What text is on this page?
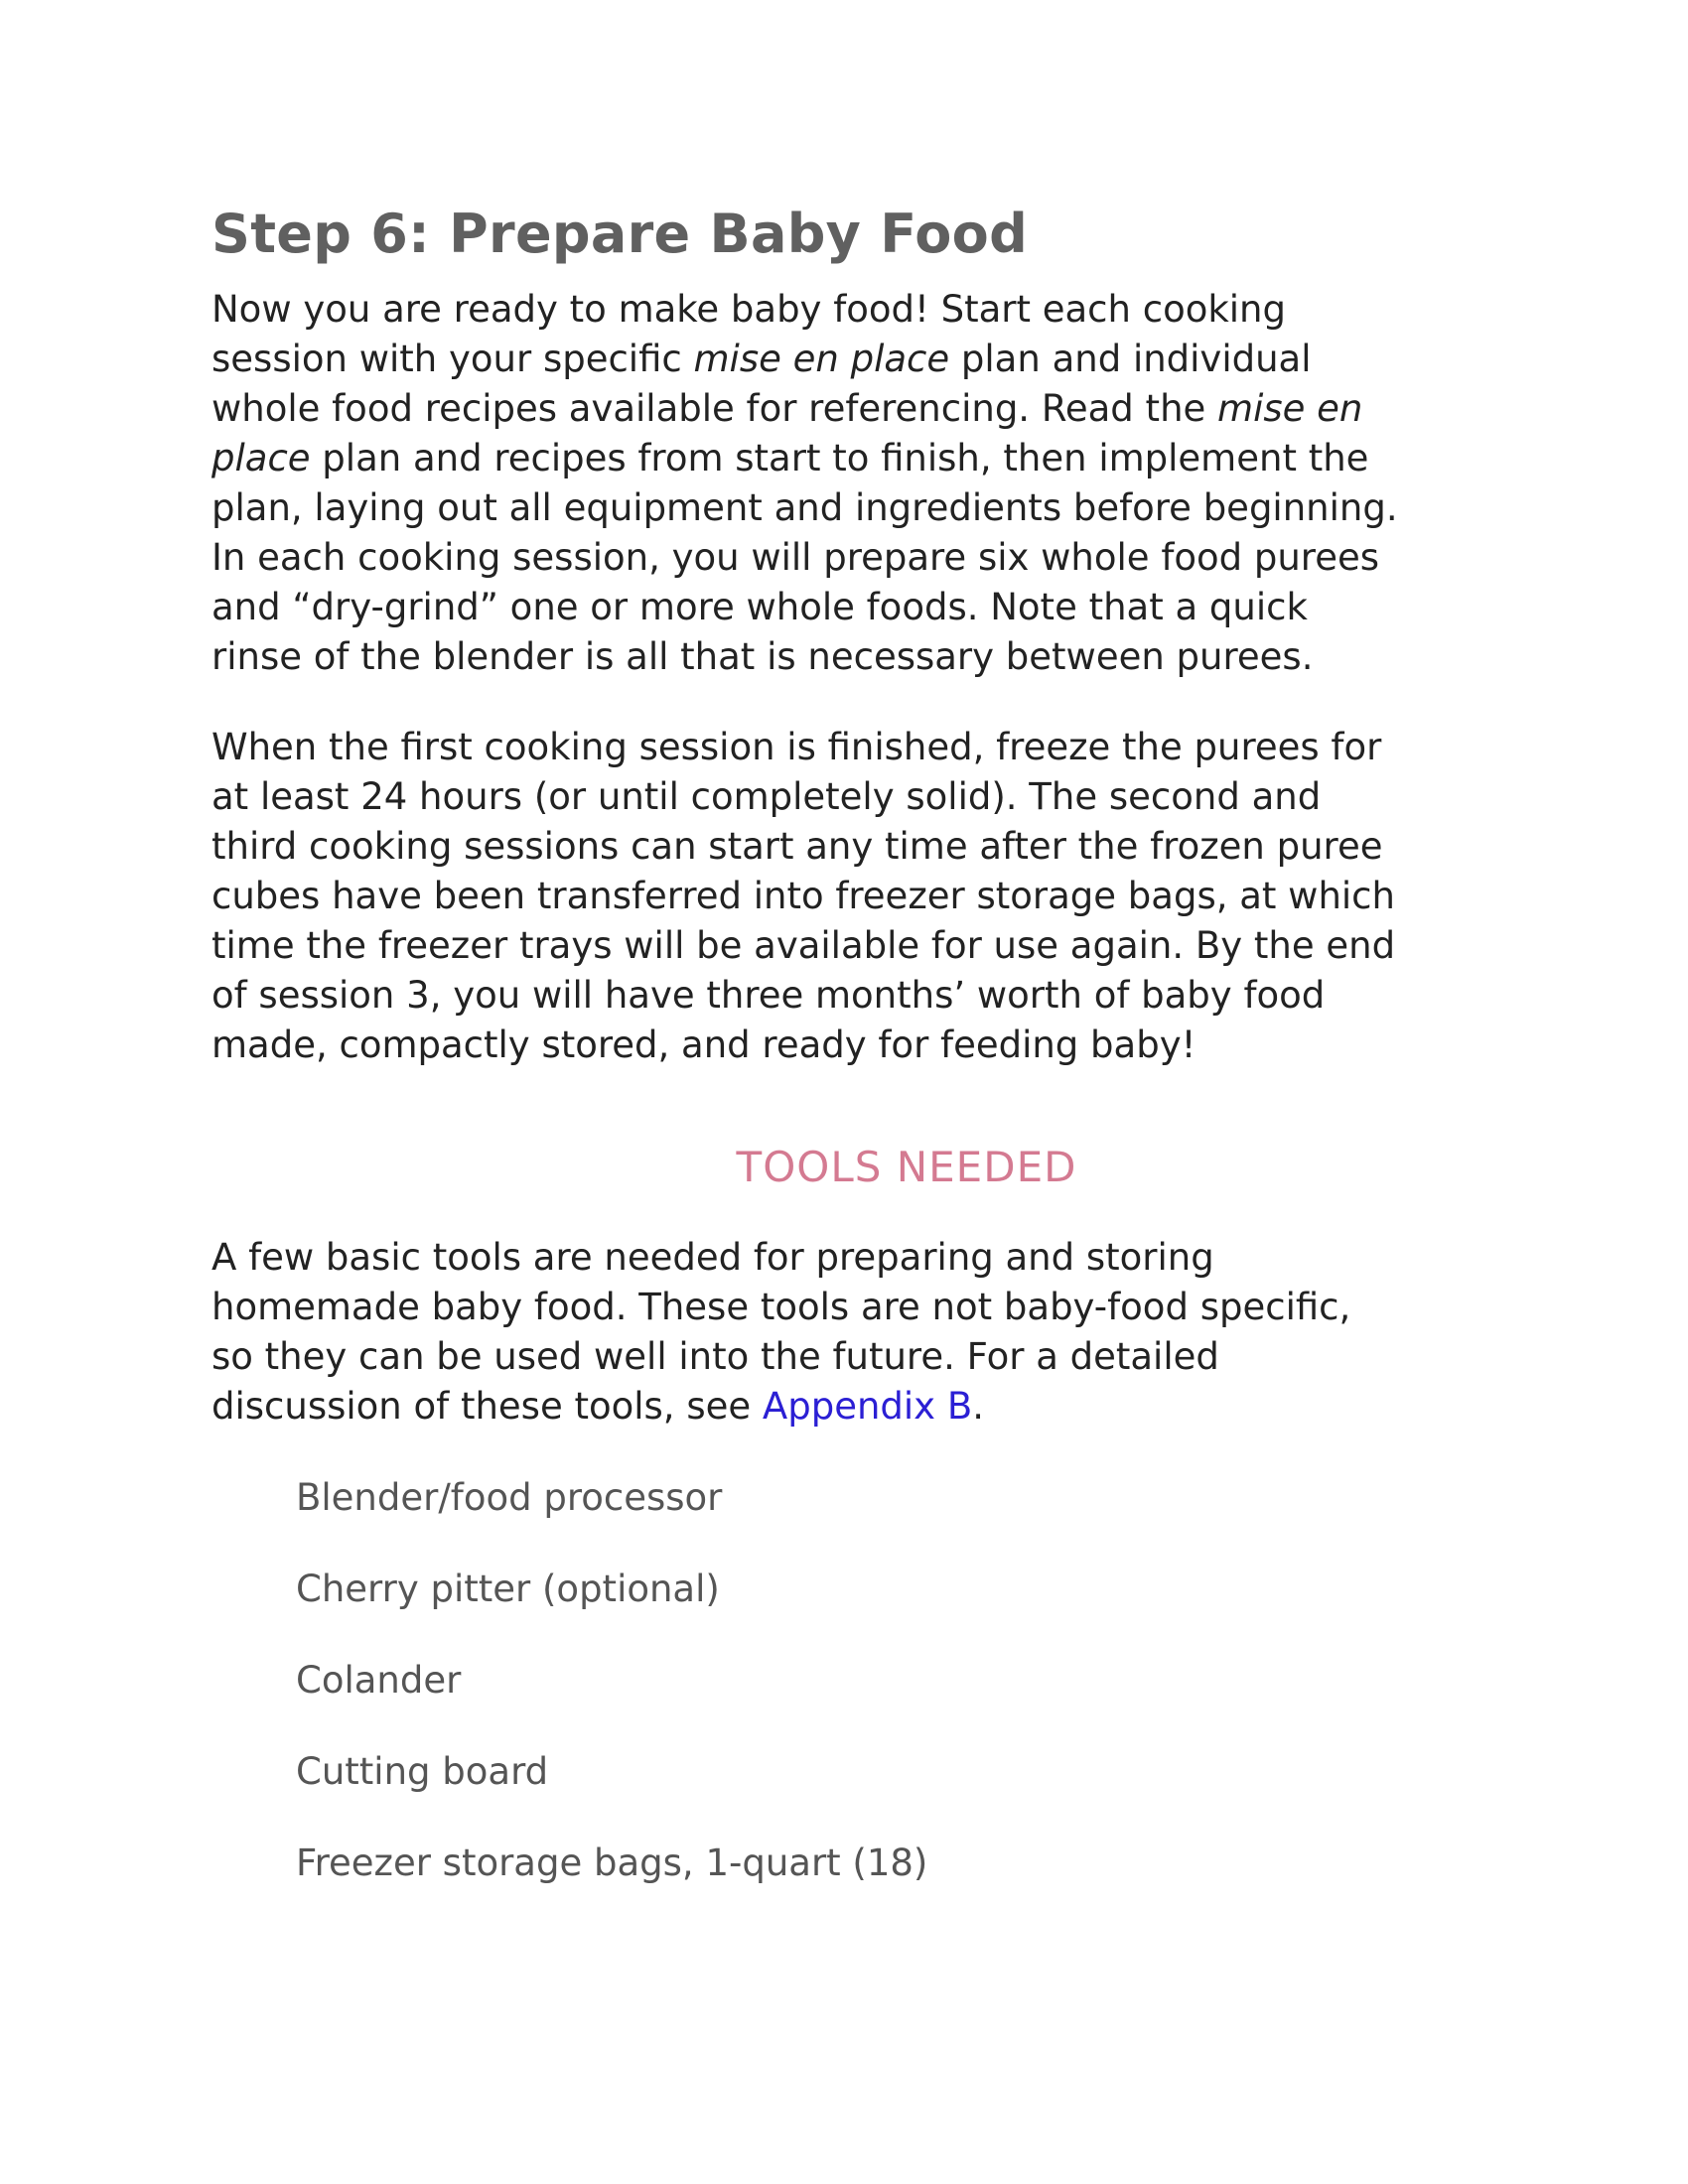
Step 6: Prepare Baby Food

Now you are ready to make baby food! Start each cooking
session with your specific mise en place plan and individual
whole food recipes available for referencing. Read the mise en
place plan and recipes from start to finish, then implement the
plan, laying out all equipment and ingredients before beginning.
In each cooking session, you will prepare six whole food purees
and “dry-grind” one or more whole foods. Note that a quick
rinse of the blender is all that is necessary between purees.

When the first cooking session is finished, freeze the purees for
at least 24 hours (or until completely solid). The second and
third cooking sessions can start any time after the frozen puree
cubes have been transferred into freezer storage bags, at which
time the freezer trays will be available for use again. By the end
of session 3, you will have three months’ worth of baby food
made, compactly stored, and ready for feeding baby!

TOOLS NEEDED

A few basic tools are needed for preparing and storing
homemade baby food. These tools are not baby-food specific,
so they can be used well into the future. For a detailed
discussion of these tools, see Appendix B.

Blender/food processor
Cherry pitter (optional)
Colander
Cutting board
Freezer storage bags, 1-quart (18)
